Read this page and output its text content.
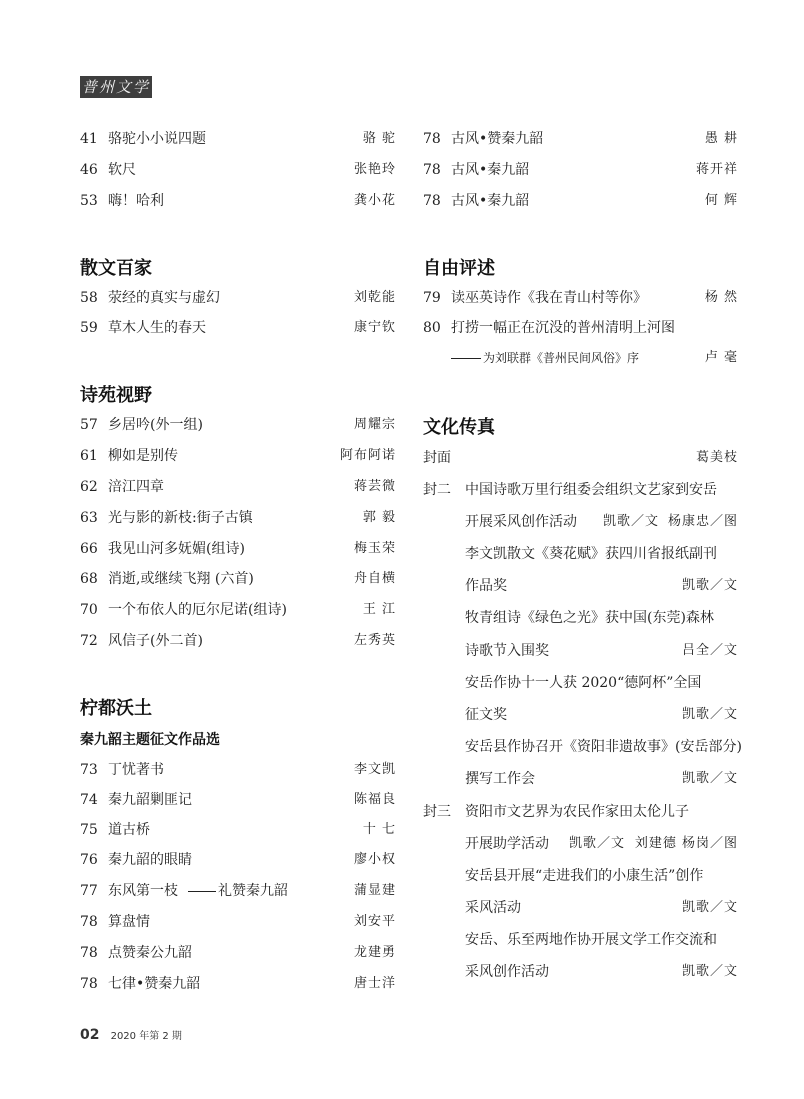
普州文学
41 骆驼小小说四题	骆 驼
46 软尺	张艳玲
53 嗨！哈利	龚小花
散文百家
58 荥经的真实与虚幻	刘乾能
59 草木人生的春天	康宁钦
诗苑视野
57 乡居吟(外一组)	周耀宗
61 柳如是别传	阿布阿诺
62 涪江四章	蒋芸微
63 光与影的新枝:街子古镇	郭 毅
66 我见山河多妩媚(组诗)	梅玉荣
68 消逝,或继续飞翔 (六首)	舟自横
70 一个布依人的厄尔尼诺(组诗)	王 江
72 风信子(外二首)	左秀英
柠都沃土
秦九韶主题征文作品选
73 丁忧著书	李文凯
74 秦九韶剿匪记	陈福良
75 道古桥	十 七
76 秦九韶的眼睛	廖小权
77 东风第一枝	礼赞秦九韶	蒲显建
78 算盘情	刘安平
78 点赞秦公九韶	龙建勇
78 七律•赞秦九韶	唐士洋
78 古风•赞秦九韶	愚 耕
78 古风•秦九韶	蒋开祥
78 古风•秦九韶	何 辉
自由评述
79 读巫英诗作《我在青山村等你》	杨 然
80 打捞一幅正在沉没的普州清明上河图
为刘联群《普州民间风俗》序	卢 毫
文化传真
封面	葛美枝
封二 中国诗歌万里行组委会组织文艺家到安岳
开展采风创作活动 凯歌／文 杨康忠／图
李文凯散文《葵花赋》获四川省报纸副刊
作品奖	凯歌／文
牧青组诗《绿色之光》获中国(东莞)森林
诗歌节入围奖	吕全／文
安岳作协十一人获 2020“德阿杯”全国
征文奖	凯歌／文
安岳县作协召开《资阳非遗故事》(安岳部分)
撰写工作会	凯歌／文
封三 资阳市文艺界为农民作家田太伦儿子
开展助学活动 凯歌／文 刘建德 杨岗／图
安岳县开展“走进我们的小康生活”创作
采风活动	凯歌／文
安岳、乐至两地作协开展文学工作交流和
采风创作活动	凯歌／文
02 2020 年第 2 期
